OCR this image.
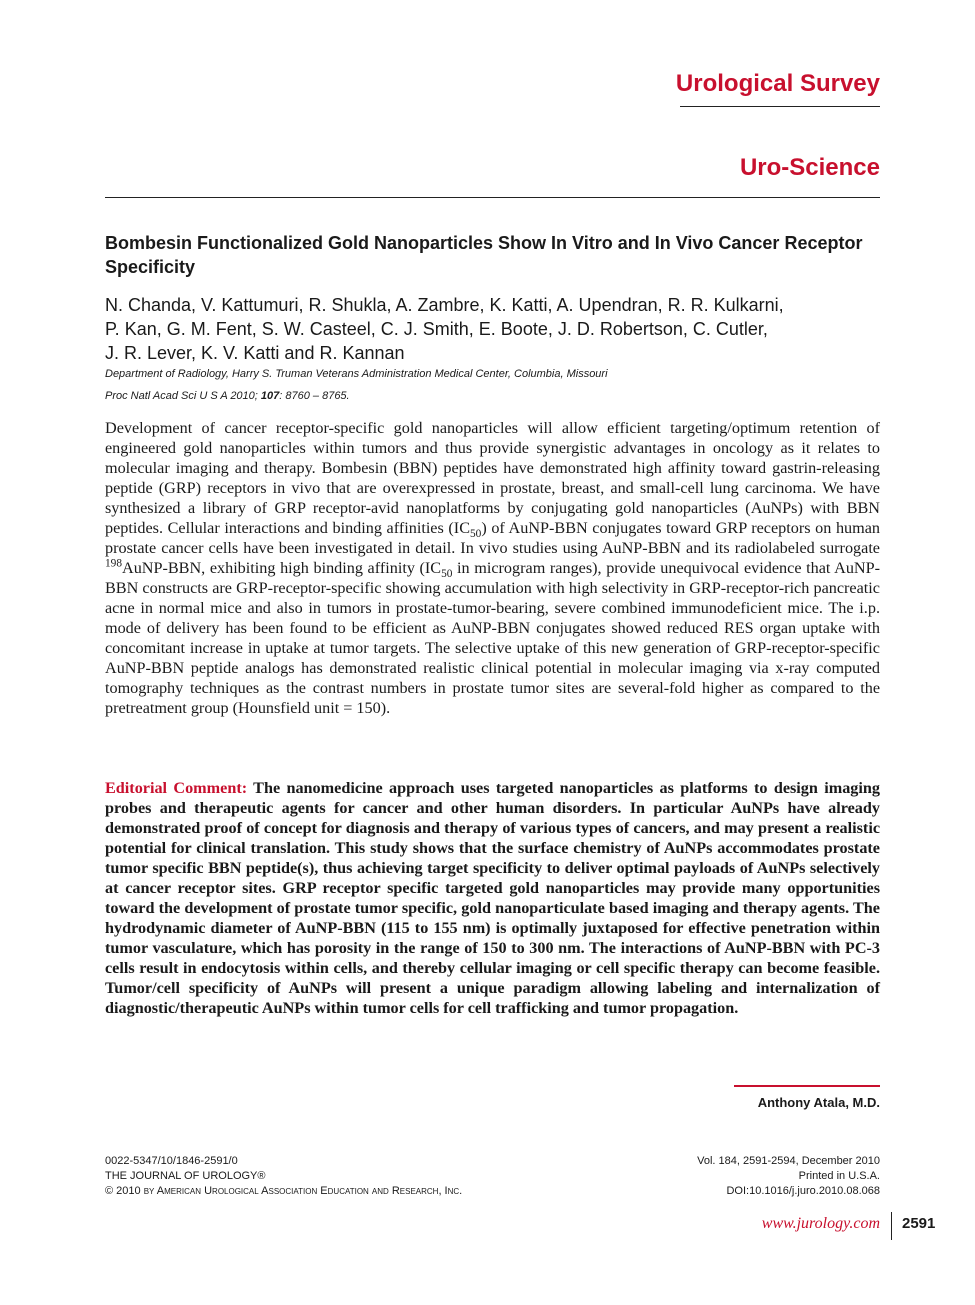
Urological Survey
Uro-Science
Bombesin Functionalized Gold Nanoparticles Show In Vitro and In Vivo Cancer Receptor Specificity
N. Chanda, V. Kattumuri, R. Shukla, A. Zambre, K. Katti, A. Upendran, R. R. Kulkarni,
P. Kan, G. M. Fent, S. W. Casteel, C. J. Smith, E. Boote, J. D. Robertson, C. Cutler,
J. R. Lever, K. V. Katti and R. Kannan
Department of Radiology, Harry S. Truman Veterans Administration Medical Center, Columbia, Missouri
Proc Natl Acad Sci U S A 2010; 107: 8760 – 8765.
Development of cancer receptor-specific gold nanoparticles will allow efficient targeting/optimum retention of engineered gold nanoparticles within tumors and thus provide synergistic advantages in oncology as it relates to molecular imaging and therapy. Bombesin (BBN) peptides have demonstrated high affinity toward gastrin-releasing peptide (GRP) receptors in vivo that are overexpressed in prostate, breast, and small-cell lung carcinoma. We have synthesized a library of GRP receptor-avid nanoplatforms by conjugating gold nanoparticles (AuNPs) with BBN peptides. Cellular interactions and binding affinities $(IC_{50})$ of AuNP-BBN conjugates toward GRP receptors on human prostate cancer cells have been investigated in detail. In vivo studies using AuNP-BBN and its radiolabeled surrogate $^{198}$AuNP-BBN, exhibiting high binding affinity ($IC_{50}$ in microgram ranges), provide unequivocal evidence that AuNP-BBN constructs are GRP-receptor-specific showing accumulation with high selectivity in GRP-receptor-rich pancreatic acne in normal mice and also in tumors in prostate-tumor-bearing, severe combined immunodeficient mice. The i.p. mode of delivery has been found to be efficient as AuNP-BBN conjugates showed reduced RES organ uptake with concomitant increase in uptake at tumor targets. The selective uptake of this new generation of GRP-receptor-specific AuNP-BBN peptide analogs has demonstrated realistic clinical potential in molecular imaging via x-ray computed tomography techniques as the contrast numbers in prostate tumor sites are several-fold higher as compared to the pretreatment group (Hounsfield unit = 150).
Editorial Comment: The nanomedicine approach uses targeted nanoparticles as platforms to design imaging probes and therapeutic agents for cancer and other human disorders. In particular AuNPs have already demonstrated proof of concept for diagnosis and therapy of various types of cancers, and may present a realistic potential for clinical translation. This study shows that the surface chemistry of AuNPs accommodates prostate tumor specific BBN peptide(s), thus achieving target specificity to deliver optimal payloads of AuNPs selectively at cancer receptor sites. GRP receptor specific targeted gold nanoparticles may provide many opportunities toward the development of prostate tumor specific, gold nanoparticulate based imaging and therapy agents. The hydrodynamic diameter of AuNP-BBN (115 to 155 nm) is optimally juxtaposed for effective penetration within tumor vasculature, which has porosity in the range of 150 to 300 nm. The interactions of AuNP-BBN with PC-3 cells result in endocytosis within cells, and thereby cellular imaging or cell specific therapy can become feasible. Tumor/cell specificity of AuNPs will present a unique paradigm allowing labeling and internalization of diagnostic/therapeutic AuNPs within tumor cells for cell trafficking and tumor propagation.
Anthony Atala, M.D.
0022-5347/10/1846-2591/0
THE JOURNAL OF UROLOGY®
© 2010 by American Urological Association Education and Research, Inc.
Vol. 184, 2591-2594, December 2010
Printed in U.S.A.
DOI:10.1016/j.juro.2010.08.068
www.jurology.com 2591
